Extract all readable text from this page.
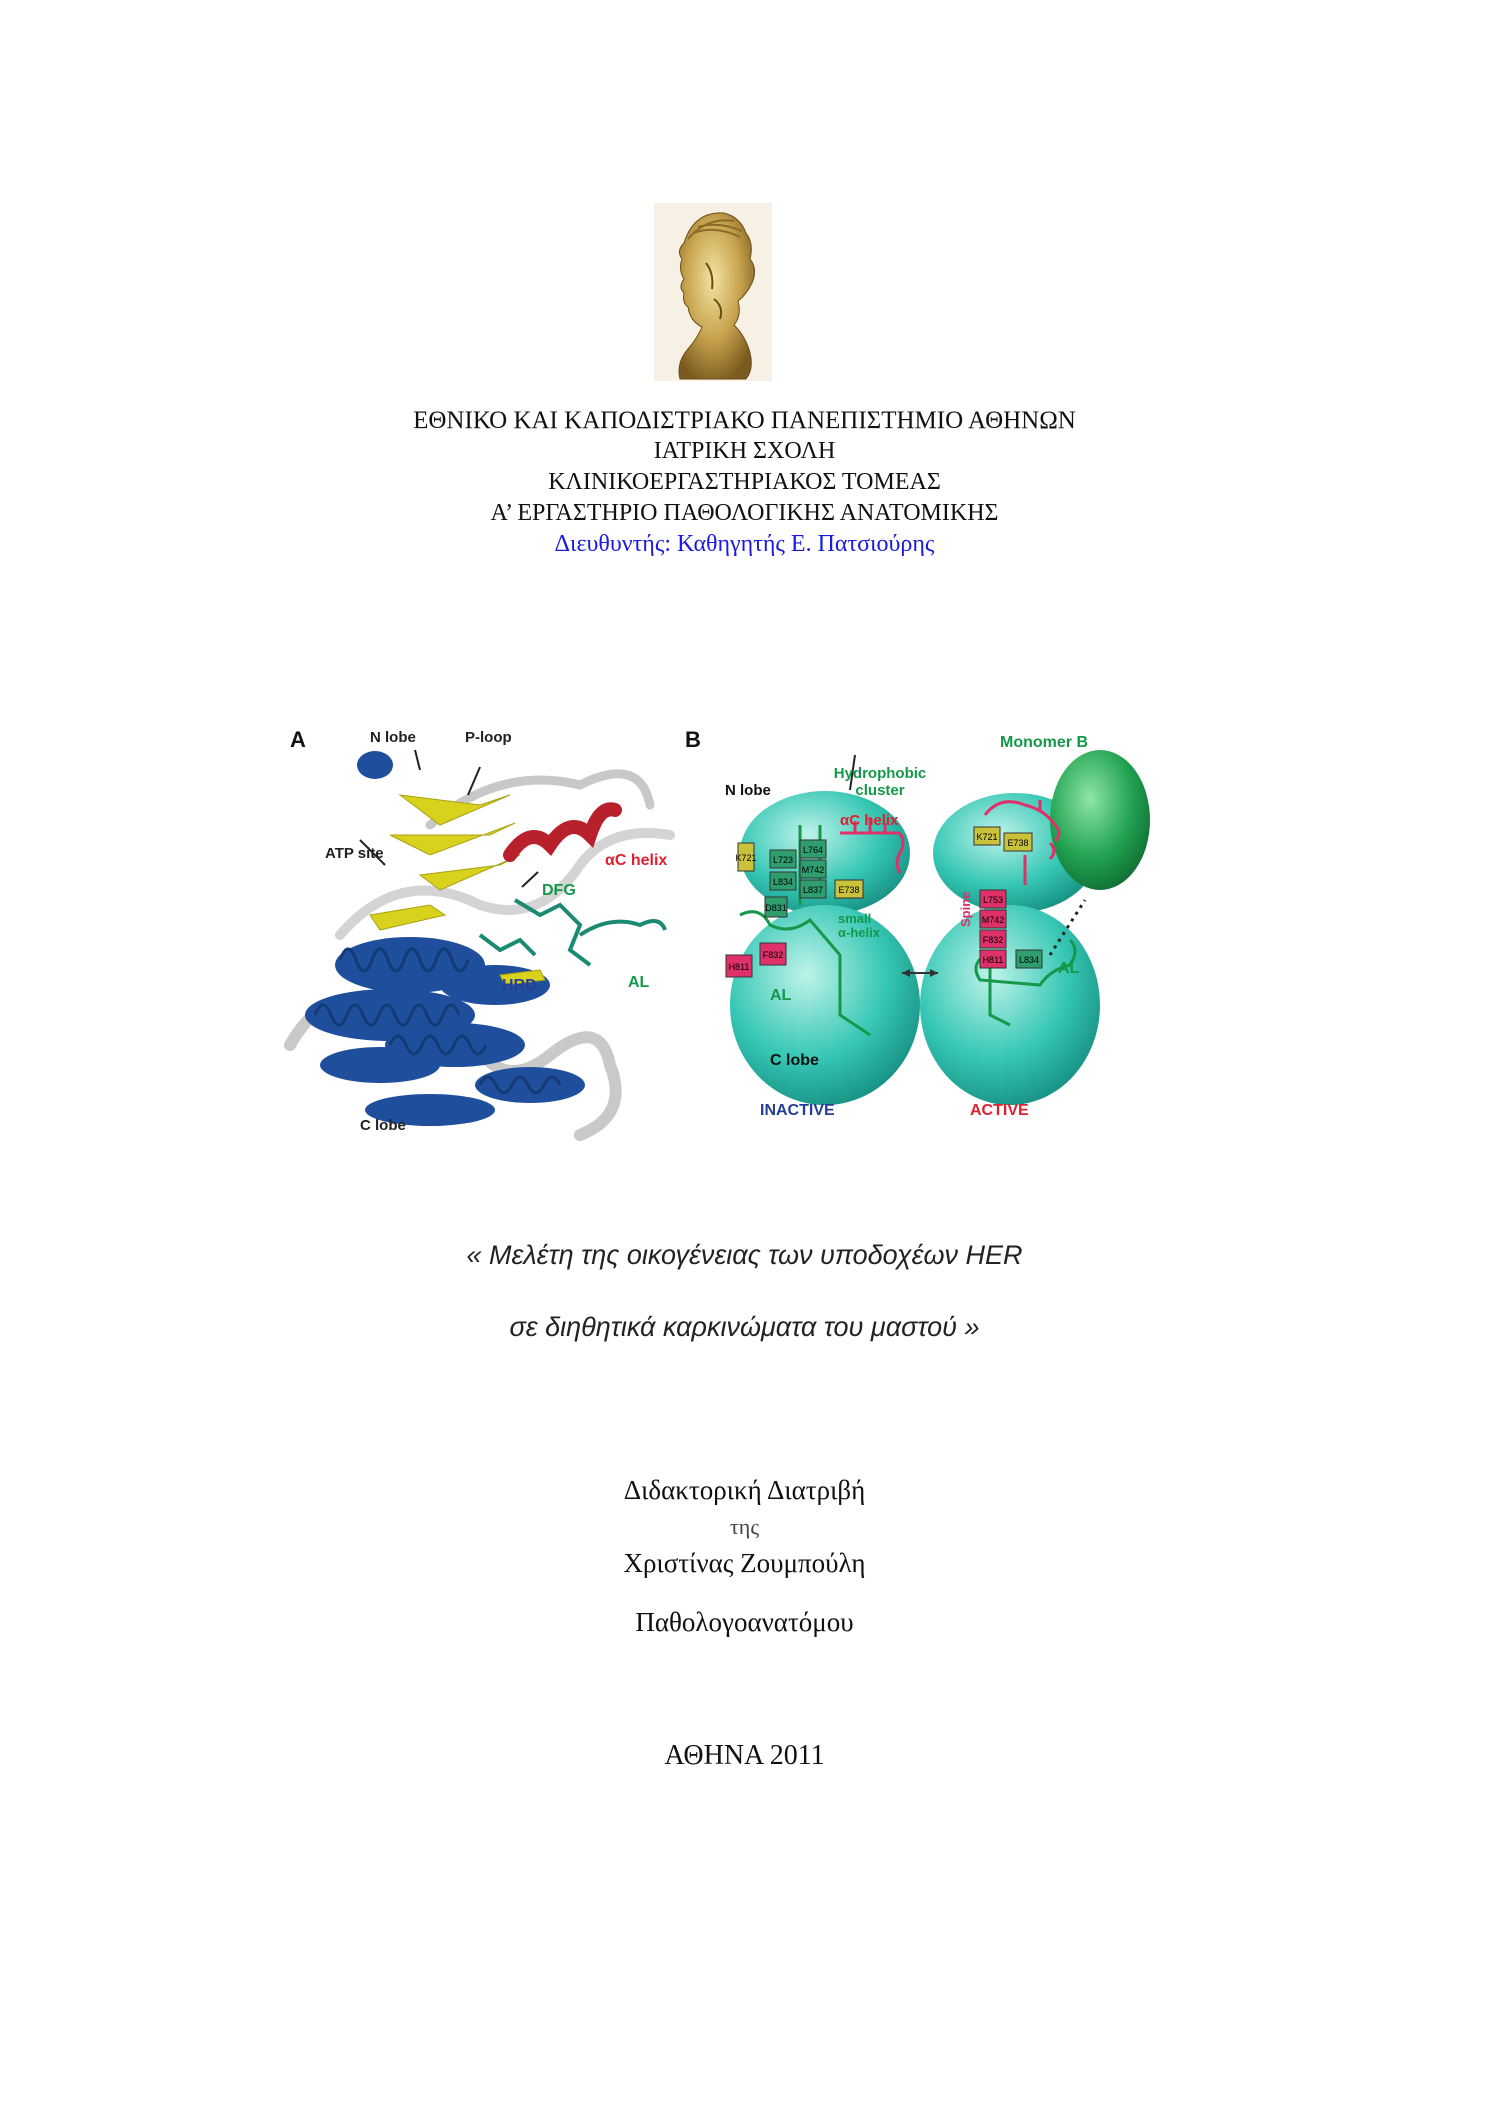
ΕΘΝΙΚΟ ΚΑΙ ΚΑΠΟΔΙΣΤΡΙΑΚΟ ΠΑΝΕΠΙΣΤΗΜΙΟ ΑΘΗΝΩΝ
ΙΑΤΡΙΚΗ ΣΧΟΛΗ
ΚΛΙΝΙΚΟΕΡΓΑΣΤΗΡΙΑΚΟΣ ΤΟΜΕΑΣ
Α’ ΕΡΓΑΣΤΗΡΙΟ ΠΑΘΟΛΟΓΙΚΗΣ ΑΝΑΤΟΜΙΚΗΣ
Διευθυντής: Καθηγητής Ε. Πατσιούρης
A	N lobe	P-loop
ATP site	αC helix
DFG
HRD	AL
C lobe
K721 L723
L764
M742
L834
L837 E738
D831
H811
F832
K721
E738
L753
M742
F832
H811 L834
B
N lobe
Hydrophobic
cluster
αC helix
small
α-helix
AL
C lobe
Monomer B
Spine
AL
INACTIVE	ACTIVE
« Μελέτη της οικογένειας των υποδοχέων HER
σε διηθητικά καρκινώματα του μαστού »
Διδακτορική Διατριβή
της
Χριστίνας Ζουμπούλη
Παθολογοανατόμου
ΑΘΗΝΑ 2011
